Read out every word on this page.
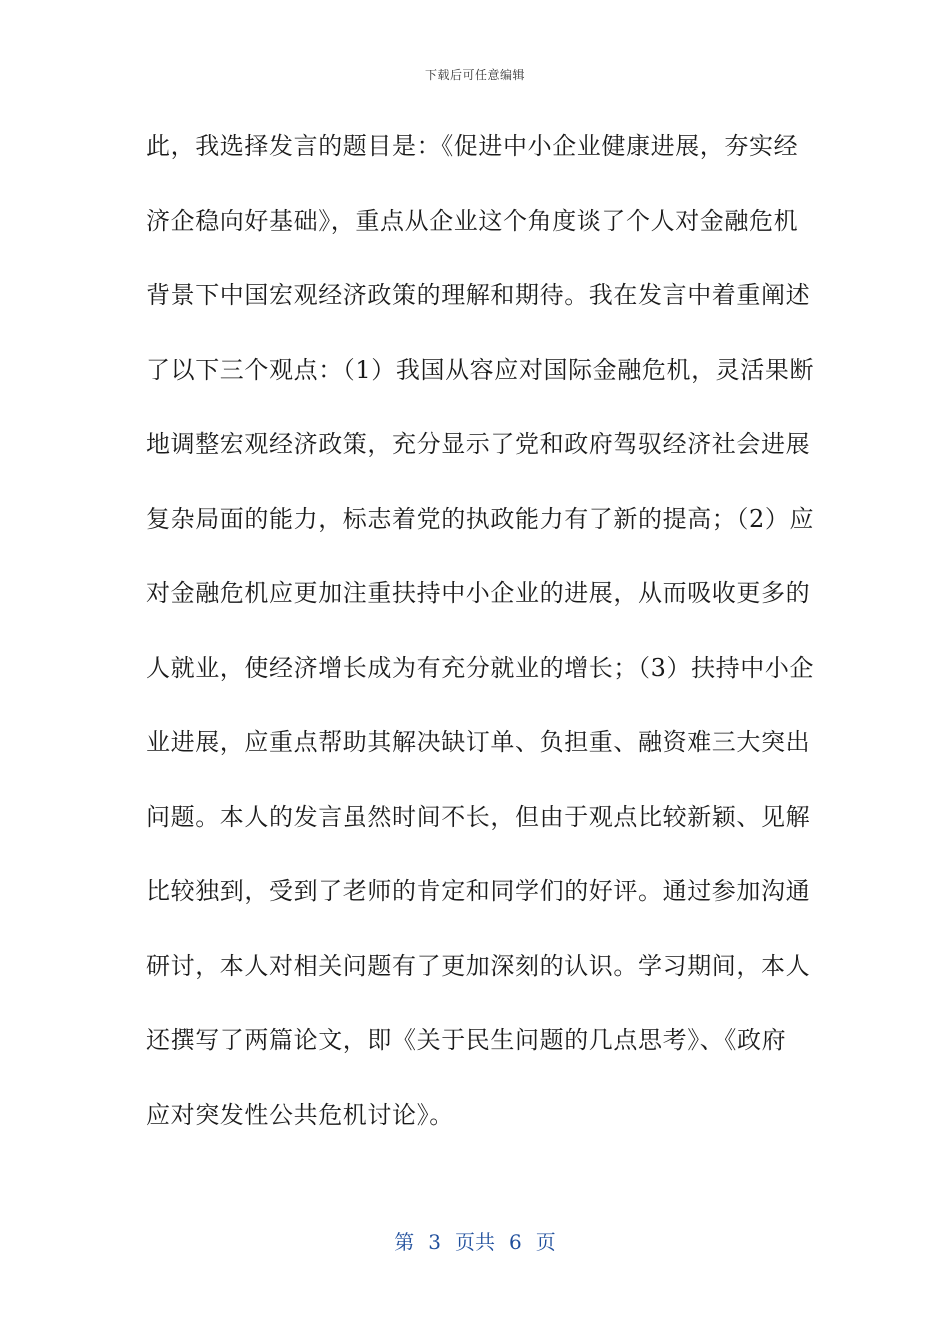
下载后可任意编辑
此，我选择发言的题目是：《促进中小企业健康进展，夯实经
济企稳向好基础》，重点从企业这个角度谈了个人对金融危机
背景下中国宏观经济政策的理解和期待。我在发言中着重阐述
了以下三个观点：（1）我国从容应对国际金融危机，灵活果断
地调整宏观经济政策，充分显示了党和政府驾驭经济社会进展
复杂局面的能力，标志着党的执政能力有了新的提高；（2）应
对金融危机应更加注重扶持中小企业的进展，从而吸收更多的
人就业，使经济增长成为有充分就业的增长；（3）扶持中小企
业进展，应重点帮助其解决缺订单、负担重、融资难三大突出
问题。本人的发言虽然时间不长，但由于观点比较新颖、见解
比较独到，受到了老师的肯定和同学们的好评。通过参加沟通
研讨，本人对相关问题有了更加深刻的认识。学习期间，本人
还撰写了两篇论文，即《关于民生问题的几点思考》、《政府
应对突发性公共危机讨论》。
第 3 页共 6 页
